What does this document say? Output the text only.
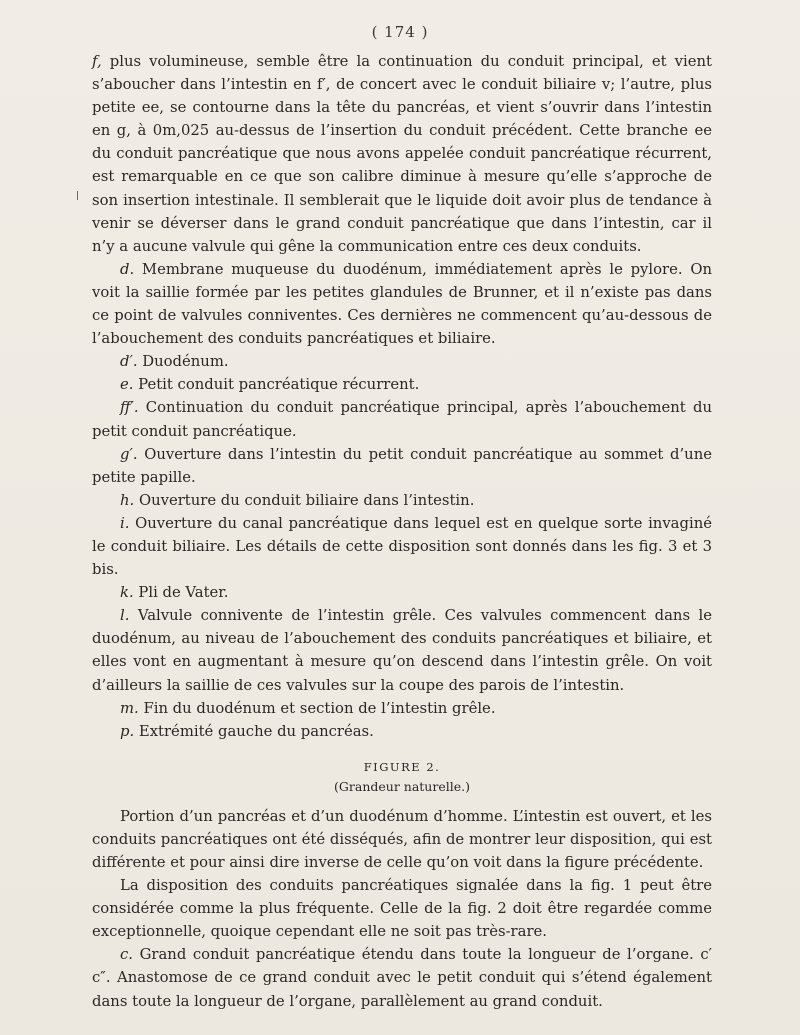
( 174 )

f, plus volumineuse, semble être la continuation du conduit principal, et vient s’aboucher dans l’intestin en f′, de concert avec le conduit biliaire v; l’autre, plus petite ee, se contourne dans la tête du pancréas, et vient s’ouvrir dans l’intestin en g, à 0m,025 au-dessus de l’insertion du conduit précédent. Cette branche ee du conduit pancréatique que nous avons appelée conduit pancréatique récurrent, est remarquable en ce que son calibre diminue à mesure qu’elle s’approche de son insertion intestinale. Il semblerait que le liquide doit avoir plus de tendance à venir se déverser dans le grand conduit pancréatique que dans l’intestin, car il n’y a aucune valvule qui gêne la communication entre ces deux conduits.

d. Membrane muqueuse du duodénum, immédiatement après le pylore. On voit la saillie formée par les petites glandules de Brunner, et il n’existe pas dans ce point de valvules conniventes. Ces dernières ne commencent qu’au-dessous de l’abouchement des conduits pancréatiques et biliaire.

d′. Duodénum.

e. Petit conduit pancréatique récurrent.

ff′. Continuation du conduit pancréatique principal, après l’abouchement du petit conduit pancréatique.

g′. Ouverture dans l’intestin du petit conduit pancréatique au sommet d’une petite papille.

h. Ouverture du conduit biliaire dans l’intestin.

i. Ouverture du canal pancréatique dans lequel est en quelque sorte invaginé le conduit biliaire. Les détails de cette disposition sont donnés dans les fig. 3 et 3 bis.

k. Pli de Vater.

l. Valvule connivente de l’intestin grêle. Ces valvules commencent dans le duodénum, au niveau de l’abouchement des conduits pancréatiques et biliaire, et elles vont en augmentant à mesure qu’on descend dans l’intestin grêle. On voit d’ailleurs la saillie de ces valvules sur la coupe des parois de l’intestin.

m. Fin du duodénum et section de l’intestin grêle.

p. Extrémité gauche du pancréas.

FIGURE 2.

(Grandeur naturelle.)

Portion d’un pancréas et d’un duodénum d’homme. L’intestin est ouvert, et les conduits pancréatiques ont été disséqués, afin de montrer leur disposition, qui est différente et pour ainsi dire inverse de celle qu’on voit dans la figure précédente.

La disposition des conduits pancréatiques signalée dans la fig. 1 peut être considérée comme la plus fréquente. Celle de la fig. 2 doit être regardée comme exceptionnelle, quoique cependant elle ne soit pas très-rare.

c. Grand conduit pancréatique étendu dans toute la longueur de l’organe. c′ c″. Anastomose de ce grand conduit avec le petit conduit qui s’étend également dans toute la longueur de l’organe, parallèlement au grand conduit.
